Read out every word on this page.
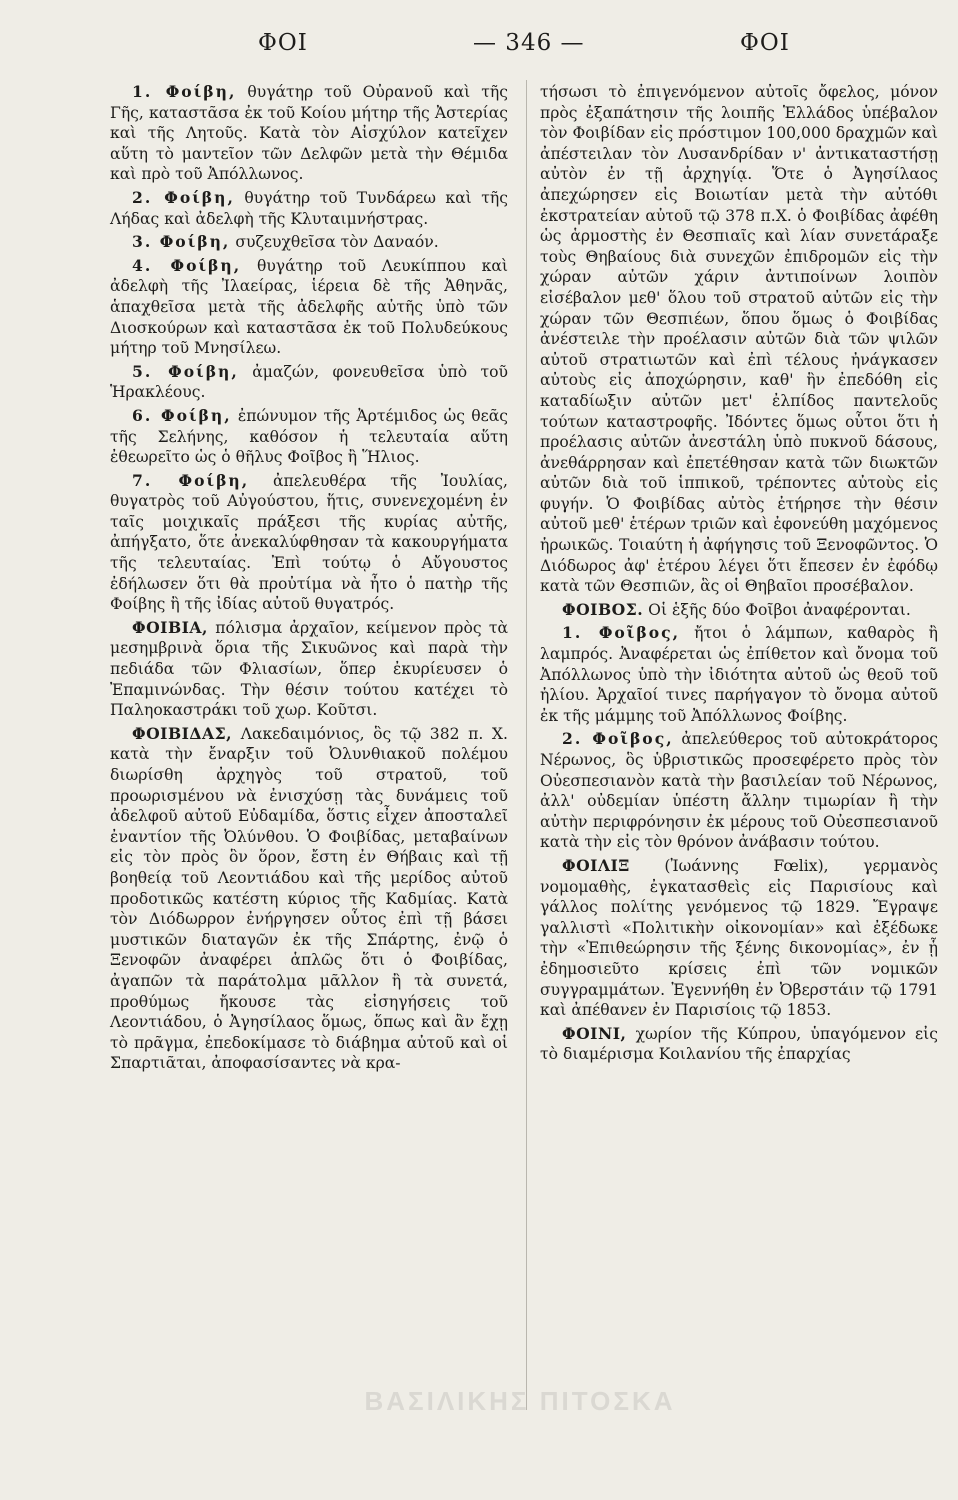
ΦΟΙ	— 346 —	ΦΟΙ

1. Φοίβη, θυγάτηρ τοῦ Οὐρανοῦ καὶ τῆς Γῆς, καταστᾶσα ἐκ τοῦ Κοίου μήτηρ τῆς Ἀστερίας καὶ τῆς Λητοῦς. Κατὰ τὸν Αἰσχύλον κατεῖχεν αὕτη τὸ μαντεῖον τῶν Δελφῶν μετὰ τὴν Θέμιδα καὶ πρὸ τοῦ Ἀπόλλωνος.

2. Φοίβη, θυγάτηρ τοῦ Τυνδάρεω καὶ τῆς Λήδας καὶ ἀδελφὴ τῆς Κλυταιμνήστρας.

3. Φοίβη, συζευχθεῖσα τὸν Δαναόν.

4. Φοίβη, θυγάτηρ τοῦ Λευκίππου καὶ ἀδελφὴ τῆς Ἰλαείρας, ἱέρεια δὲ τῆς Ἀθηνᾶς, ἁπαχθεῖσα μετὰ τῆς ἀδελφῆς αὐτῆς ὑπὸ τῶν Διοσκούρων καὶ καταστᾶσα ἐκ τοῦ Πολυδεύκους μήτηρ τοῦ Μνησίλεω.

5. Φοίβη, ἀμαζών, φονευθεῖσα ὑπὸ τοῦ Ἡρακλέους.

6. Φοίβη, ἐπώνυμον τῆς Ἀρτέμιδος ὡς θεᾶς τῆς Σελήνης, καθόσον ἡ τελευταία αὕτη ἐθεωρεῖτο ὡς ὁ θῆλυς Φοῖβος ἢ Ἥλιος.

7. Φοίβη, ἀπελευθέρα τῆς Ἰουλίας, θυγατρὸς τοῦ Αὐγούστου, ἥτις, συνενεχομένη ἐν ταῖς μοιχικαῖς πράξεσι τῆς κυρίας αὐτῆς, ἀπήγξατο, ὅτε ἀνεκαλύφθησαν τὰ κακουργήματα τῆς τελευταίας. Ἐπὶ τούτῳ ὁ Αὔγουστος ἐδήλωσεν ὅτι θὰ προὐτίμα νὰ ἦτο ὁ πατὴρ τῆς Φοίβης ἢ τῆς ἰδίας αὐτοῦ θυγατρός.

ΦΟΙΒΙΑ, πόλισμα ἀρχαῖον, κείμενον πρὸς τὰ μεσημβρινὰ ὅρια τῆς Σικυῶνος καὶ παρὰ τὴν πεδιάδα τῶν Φλιασίων, ὅπερ ἐκυρίευσεν ὁ Ἐπαμινώνδας. Τὴν θέσιν τούτου κατέχει τὸ Παληοκαστράκι τοῦ χωρ. Κοῦτσι.

ΦΟΙΒΙΔΑΣ, Λακεδαιμόνιος, ὃς τῷ 382 π. Χ. κατὰ τὴν ἔναρξιν τοῦ Ὀλυνθιακοῦ πολέμου διωρίσθη ἀρχηγὸς τοῦ στρατοῦ, τοῦ προωρισμένου νὰ ἐνισχύσῃ τὰς δυνάμεις τοῦ ἀδελφοῦ αὐτοῦ Εὐδαμίδα, ὅστις εἶχεν ἀποσταλεῖ ἐναντίον τῆς Ὀλύνθου. Ὁ Φοιβίδας, μεταβαίνων εἰς τὸν πρὸς ὃν ὅρον, ἔστη ἐν Θήβαις καὶ τῇ βοηθείᾳ τοῦ Λεοντιάδου καὶ τῆς μερίδος αὐτοῦ προδοτικῶς κατέστη κύριος τῆς Καδμίας. Κατὰ τὸν Διόδωρρον ἐνήργησεν οὗτος ἐπὶ τῇ βάσει μυστικῶν διαταγῶν ἐκ τῆς Σπάρτης, ἐνῷ ὁ Ξενοφῶν ἀναφέρει ἁπλῶς ὅτι ὁ Φοιβίδας, ἀγαπῶν τὰ παράτολμα μᾶλλον ἢ τὰ συνετά, προθύμως ἤκουσε τὰς εἰσηγήσεις τοῦ Λεοντιάδου, ὁ Ἀγησίλαος ὅμως, ὅπως καὶ ἂν ἔχῃ τὸ πρᾶγμα, ἐπεδοκίμασε τὸ διάβημα αὐτοῦ καὶ οἱ Σπαρτιᾶται, ἀποφασίσαντες νὰ κρα-

τήσωσι τὸ ἐπιγενόμενον αὐτοῖς ὄφελος, μόνον πρὸς ἐξαπάτησιν τῆς λοιπῆς Ἑλλάδος ὑπέβαλον τὸν Φοιβίδαν εἰς πρόστιμον 100,000 δραχμῶν καὶ ἀπέστειλαν τὸν Λυσανδρίδαν ν' ἀντικαταστήσῃ αὐτὸν ἐν τῇ ἀρχηγίᾳ. Ὅτε ὁ Ἀγησίλαος ἀπεχώρησεν εἰς Βοιωτίαν μετὰ τὴν αὐτόθι ἐκστρατείαν αὐτοῦ τῷ 378 π.Χ. ὁ Φοιβίδας ἀφέθη ὡς ἁρμοστὴς ἐν Θεσπιαῖς καὶ λίαν συνετάραξε τοὺς Θηβαίους διὰ συνεχῶν ἐπιδρομῶν εἰς τὴν χώραν αὐτῶν χάριν ἀντιποίνων λοιπὸν εἰσέβαλον μεθ' ὅλου τοῦ στρατοῦ αὐτῶν εἰς τὴν χώραν τῶν Θεσπιέων, ὅπου ὅμως ὁ Φοιβίδας ἀνέστειλε τὴν προέλασιν αὐτῶν διὰ τῶν ψιλῶν αὐτοῦ στρατιωτῶν καὶ ἐπὶ τέλους ἠνάγκασεν αὐτοὺς εἰς ἀποχώρησιν, καθ' ἣν ἐπεδόθη εἰς καταδίωξιν αὐτῶν μετ' ἐλπίδος παντελοῦς τούτων καταστροφῆς. Ἰδόντες ὅμως οὗτοι ὅτι ἡ προέλασις αὐτῶν ἀνεστάλη ὑπὸ πυκνοῦ δάσους, ἀνεθάρρησαν καὶ ἐπετέθησαν κατὰ τῶν διωκτῶν αὐτῶν διὰ τοῦ ἱππικοῦ, τρέποντες αὐτοὺς εἰς φυγήν. Ὁ Φοιβίδας αὐτὸς ἐτήρησε τὴν θέσιν αὐτοῦ μεθ' ἑτέρων τριῶν καὶ ἐφονεύθη μαχόμενος ἡρωικῶς. Τοιαύτη ἡ ἀφήγησις τοῦ Ξενοφῶντος. Ὁ Διόδωρος ἀφ' ἑτέρου λέγει ὅτι ἔπεσεν ἐν ἐφόδῳ κατὰ τῶν Θεσπιῶν, ἃς οἱ Θηβαῖοι προσέβαλον.

ΦΟΙΒΟΣ. Οἱ ἑξῆς δύο Φοῖβοι ἀναφέρονται.

1. Φοῖβος, ἤτοι ὁ λάμπων, καθαρὸς ἢ λαμπρός. Ἀναφέρεται ὡς ἐπίθετον καὶ ὄνομα τοῦ Ἀπόλλωνος ὑπὸ τὴν ἰδιότητα αὐτοῦ ὡς θεοῦ τοῦ ἡλίου. Ἀρχαῖοί τινες παρήγαγον τὸ ὄνομα αὐτοῦ ἐκ τῆς μάμμης τοῦ Ἀπόλλωνος Φοίβης.

2. Φοῖβος, ἀπελεύθερος τοῦ αὐτοκράτορος Νέρωνος, ὃς ὑβριστικῶς προσεφέρετο πρὸς τὸν Οὐεσπεσιανὸν κατὰ τὴν βασιλείαν τοῦ Νέρωνος, ἀλλ' οὐδεμίαν ὑπέστη ἄλλην τιμωρίαν ἢ τὴν αὐτὴν περιφρόνησιν ἐκ μέρους τοῦ Οὐεσπεσιανοῦ κατὰ τὴν εἰς τὸν θρόνον ἀνάβασιν τούτου.

ΦΟΙΛΙΞ (Ἰωάννης Fœlix), γερμανὸς νομομαθὴς, ἐγκατασθεὶς εἰς Παρισίους καὶ γάλλος πολίτης γενόμενος τῷ 1829. Ἔγραψε γαλλιστὶ «Πολιτικὴν οἰκονομίαν» καὶ ἐξέδωκε τὴν «Ἐπιθεώρησιν τῆς ξένης δικονομίας», ἐν ᾗ ἐδημοσιεῦτο κρίσεις ἐπὶ τῶν νομικῶν συγγραμμάτων. Ἐγεννήθη ἐν Ὀβερστάιν τῷ 1791 καὶ ἀπέθανεν ἐν Παρισίοις τῷ 1853.

ΦΟΙΝΙ, χωρίον τῆς Κύπρου, ὑπαγόμενον εἰς τὸ διαμέρισμα Κοιλανίου τῆς ἐπαρχίας

ΒΑΣΙΛΙΚΗΣ ΠΙΤΟΣΚΑ
